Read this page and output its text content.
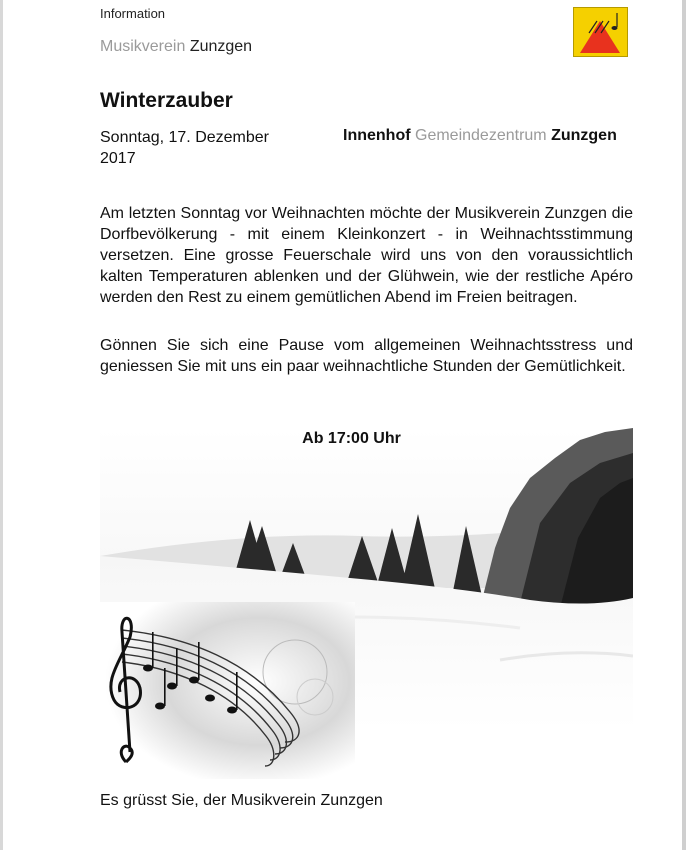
Information
Musikverein Zunzgen
Winterzauber
Sonntag, 17. Dezember 2017
Innenhof Gemeindezentrum Zunzgen

Am letzten Sonntag vor Weihnachten möchte der Musikverein Zunzgen die Dorfbevölkerung - mit einem Kleinkonzert - in Weihnachtsstimmung versetzen. Eine grosse Feuerschale wird uns von den voraussichtlich kalten Temperaturen ablenken und der Glühwein, wie der restliche Apéro werden den Rest zu einem gemütlichen Abend im Freien beitragen.

Gönnen Sie sich eine Pause vom allgemeinen Weihnachtsstress und geniessen Sie mit uns ein paar weihnachtliche Stunden der Gemütlichkeit.

Ab 17:00 Uhr
Es grüsst Sie, der Musikverein Zunzgen
